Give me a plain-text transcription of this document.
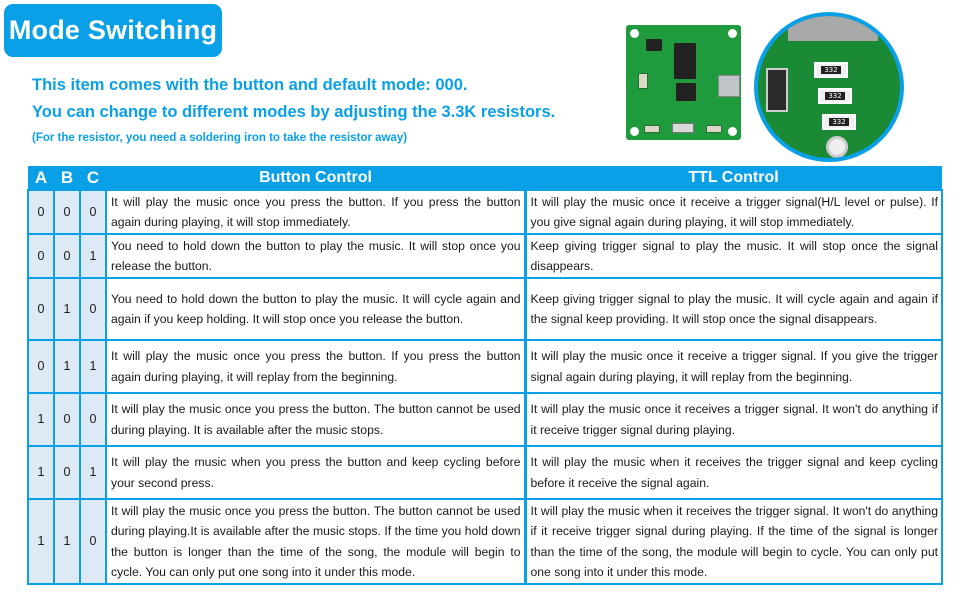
Mode Switching
This item comes with the button and default mode: 000.
You can change to different modes by adjusting the 3.3K resistors.
(For the resistor, you need a soldering iron to take the resistor away)
332
332
332
A	B	C	Button Control	TTL Control
0	0	0	It will play the music once you press the button. If you press the button again during playing, it will stop immediately.	It will play the music once it receive a trigger signal(H/L level or pulse). If you give signal again during playing, it will stop immediately.
0	0	1	You need to hold down the button to play the music. It will stop once you release the button.	Keep giving trigger signal to play the music. It will stop once the signal disappears.
0	1	0	You need to hold down the button to play the music. It will cycle again and again if you keep holding. It will stop once you release the button.	Keep giving trigger signal to play the music. It will cycle again and again if the signal keep providing. It will stop once the signal disappears.
0	1	1	It will play the music once you press the button. If you press the button again during playing, it will replay from the beginning.	It will play the music once it receive a trigger signal. If you give the trigger signal again during playing, it will replay from the beginning.
1	0	0	It will play the music once you press the button. The button cannot be used during playing. It is available after the music stops.	It will play the music once it receives a trigger signal. It won't do anything if it receive trigger signal during playing.
1	0	1	It will play the music when you press the button and keep cycling before your second press.	It will play the music when it receives the trigger signal and keep cycling before it receive the signal again.
1	1	0	It will play the music once you press the button. The button cannot be used during playing.It is available after the music stops. If the time you hold down the button is longer than the time of the song, the module will begin to cycle. You can only put one song into it under this mode.	It will play the music when it receives the trigger signal. It won't do anything if it receive trigger signal during playing. If the time of the signal is longer than the time of the song, the module will begin to cycle. You can only put one song into it under this mode.
